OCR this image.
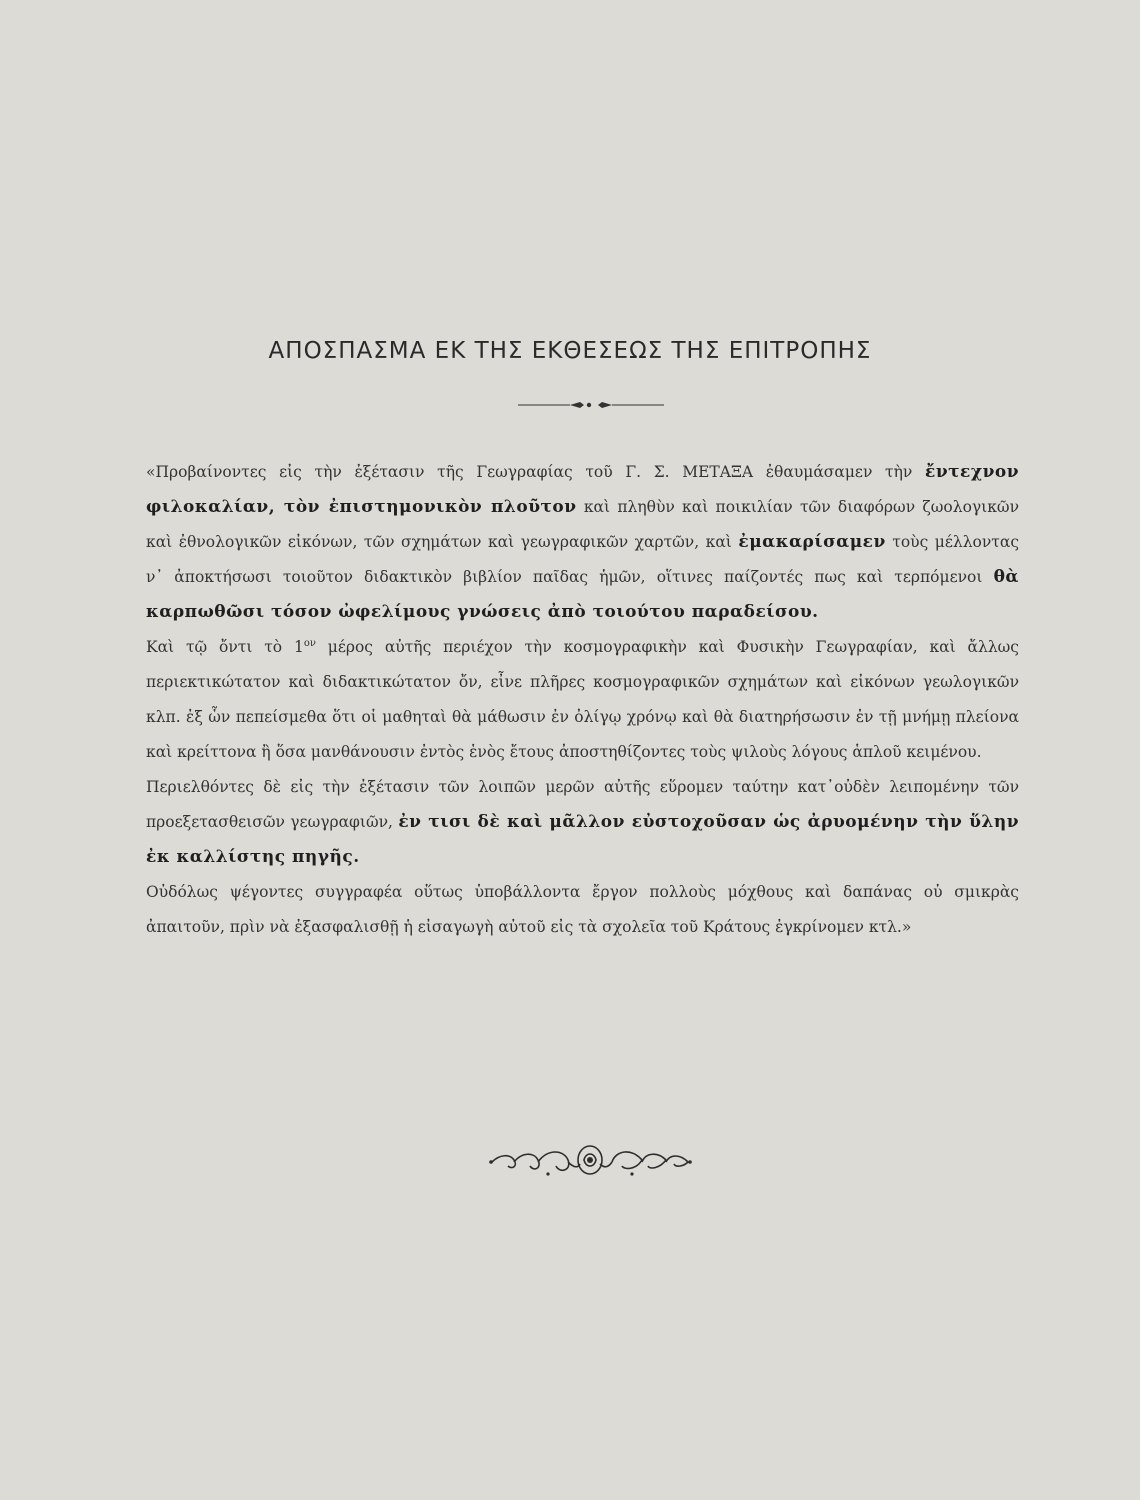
ΑΠΟΣΠΑΣΜΑ ΕΚ ΤΗΣ ΕΚΘΕΣΕΩΣ ΤΗΣ ΕΠΙΤΡΟΠΗΣ

«Προβαίνοντες εἰς τὴν ἐξέτασιν τῆς Γεωγραφίας τοῦ Γ. Σ. ΜΕΤΑΞΑ ἐθαυμάσαμεν τὴν ἔντεχνον φιλοκαλίαν, τὸν ἐπιστημονικὸν πλοῦτον καὶ πληθὺν καὶ ποικιλίαν τῶν διαφόρων ζωολογικῶν καὶ ἐθνολογικῶν εἰκόνων, τῶν σχημάτων καὶ γεωγραφικῶν χαρτῶν, καὶ ἐμακαρίσαμεν τοὺς μέλλοντας ν᾽ ἀποκτήσωσι τοιοῦτον διδακτικὸν βιβλίον παῖδας ἡμῶν, οἵτινες παίζοντές πως καὶ τερπόμενοι θὰ καρπωθῶσι τόσον ὠφελίμους γνώσεις ἀπὸ τοιούτου παραδείσου.

Καὶ τῷ ὄντι τὸ $1^{o\nu}$ μέρος αὐτῆς περιέχον τὴν κοσμογραφικὴν καὶ Φυσικὴν Γεωγραφίαν, καὶ ἄλλως περιεκτικώτατον καὶ διδακτικώτατον ὄν, εἶνε πλῆρες κοσμογραφικῶν σχημάτων καὶ εἰκόνων γεωλογικῶν κλπ. ἐξ ὧν πεπείσμεθα ὅτι οἱ μαθηταὶ θὰ μάθωσιν ἐν ὀλίγῳ χρόνῳ καὶ θὰ διατηρήσωσιν ἐν τῇ μνήμῃ πλείονα καὶ κρείττονα ἢ ὅσα μανθάνουσιν ἐντὸς ἑνὸς ἔτους ἀποστηθίζοντες τοὺς ψιλοὺς λόγους ἁπλοῦ κειμένου.

Περιελθόντες δὲ εἰς τὴν ἐξέτασιν τῶν λοιπῶν μερῶν αὐτῆς εὕρομεν ταύτην κατ᾽οὐδὲν λειπομένην τῶν προεξετασθεισῶν γεωγραφιῶν, ἐν τισι δὲ καὶ μᾶλλον εὐστοχοῦσαν ὡς ἀρυομένην τὴν ὕλην ἐκ καλλίστης πηγῆς.

Οὐδόλως ψέγοντες συγγραφέα οὕτως ὑποβάλλοντα ἔργον πολλοὺς μόχθους καὶ δαπάνας οὐ σμικρὰς ἀπαιτοῦν, πρὶν νὰ ἐξασφαλισθῇ ἡ εἰσαγωγὴ αὐτοῦ εἰς τὰ σχολεῖα τοῦ Κράτους ἐγκρίνομεν κτλ.»
